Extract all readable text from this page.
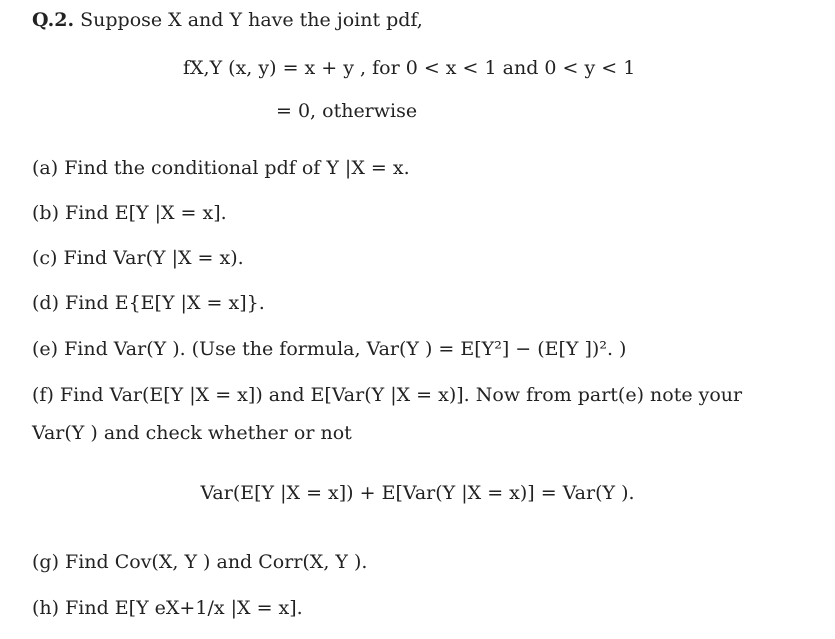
Q.2. Suppose X and Y have the joint pdf,
fX,Y (x, y) = x + y , for 0 < x < 1 and 0 < y < 1
= 0, otherwise
(a) Find the conditional pdf of Y |X = x.
(b) Find E[Y |X = x].
(c) Find Var(Y |X = x).
(d) Find E{E[Y |X = x]}.
(e) Find Var(Y ). (Use the formula, Var(Y ) = E[Y²] − (E[Y ])². )
(f) Find Var(E[Y |X = x]) and E[Var(Y |X = x)]. Now from part(e) note your
Var(Y ) and check whether or not
Var(E[Y |X = x]) + E[Var(Y |X = x)] = Var(Y ).
(g) Find Cov(X, Y ) and Corr(X, Y ).
(h) Find E[Y eX+1/x |X = x].
